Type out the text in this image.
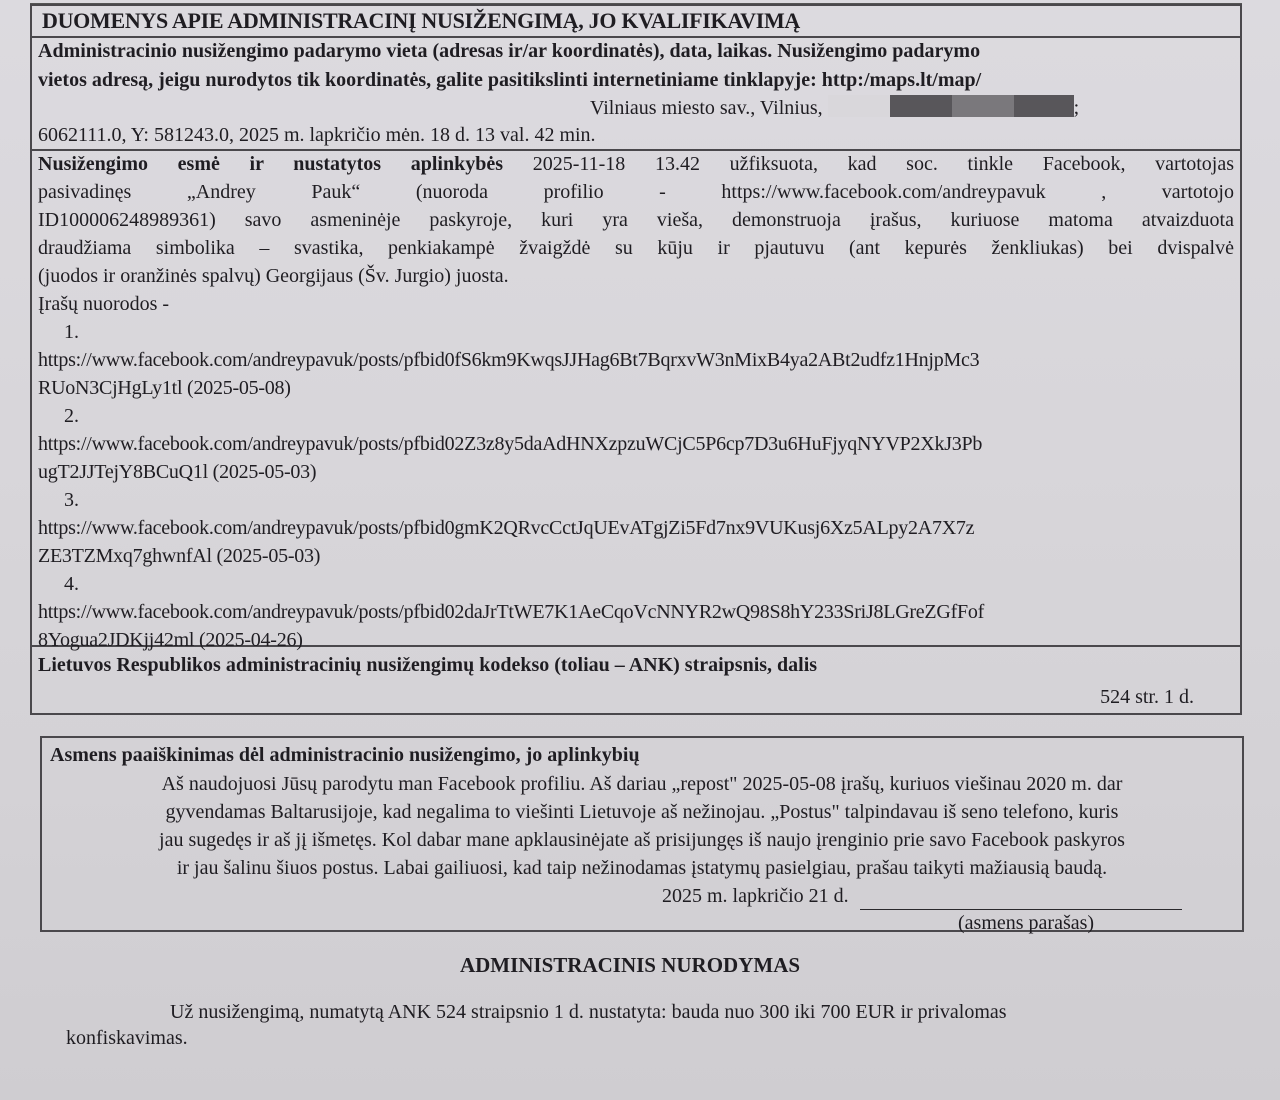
DUOMENYS APIE ADMINISTRACINĮ NUSIŽENGIMĄ, JO KVALIFIKAVIMĄ
Administracinio nusižengimo padarymo vieta (adresas ir/ar koordinatės), data, laikas. Nusižengimo padarymo
vietos adresą, jeigu nurodytos tik koordinatės, galite pasitikslinti internetiniame tinklapyje: http:/maps.lt/map/
Vilniaus miesto sav., Vilnius,	;
6062111.0, Y: 581243.0, 2025 m. lapkričio mėn. 18 d. 13 val. 42 min.
Nusižengimo esmė ir nustatytos aplinkybės 2025-11-18 13.42 užfiksuota, kad soc. tinkle Facebook, vartotojas
pasivadinęs „Andrey Pauk“ (nuoroda profilio - https://www.facebook.com/andreypavuk , vartotojo
ID100006248989361) savo asmeninėje paskyroje, kuri yra vieša, demonstruoja įrašus, kuriuose matoma atvaizduota
draudžiama simbolika – svastika, penkiakampė žvaigždė su kūju ir pjautuvu (ant kepurės ženkliukas) bei dvispalvė
(juodos ir oranžinės spalvų) Georgijaus (Šv. Jurgio) juosta.
Įrašų nuorodos -
1.
https://www.facebook.com/andreypavuk/posts/pfbid0fS6km9KwqsJJHag6Bt7BqrxvW3nMixB4ya2ABt2udfz1HnjpMc3
RUoN3CjHgLy1tl (2025-05-08)
2.
https://www.facebook.com/andreypavuk/posts/pfbid02Z3z8y5daAdHNXzpzuWCjC5P6cp7D3u6HuFjyqNYVP2XkJ3Pb
ugT2JJTejY8BCuQ1l (2025-05-03)
3.
https://www.facebook.com/andreypavuk/posts/pfbid0gmK2QRvcCctJqUEvATgjZi5Fd7nx9VUKusj6Xz5ALpy2A7X7z
ZE3TZMxq7ghwnfAl (2025-05-03)
4.
https://www.facebook.com/andreypavuk/posts/pfbid02daJrTtWE7K1AeCqoVcNNYR2wQ98S8hY233SriJ8LGreZGfFof
8Yogua2JDKjj42ml (2025-04-26)
Lietuvos Respublikos administracinių nusižengimų kodekso (toliau – ANK) straipsnis, dalis
524 str. 1 d.
Asmens paaiškinimas dėl administracinio nusižengimo, jo aplinkybių
Aš naudojuosi Jūsų parodytu man Facebook profiliu. Aš dariau „repost" 2025-05-08 įrašų, kuriuos viešinau 2020 m. dar
gyvendamas Baltarusijoje, kad negalima to viešinti Lietuvoje aš nežinojau. „Postus" talpindavau iš seno telefono, kuris
jau sugedęs ir aš jį išmetęs. Kol dabar mane apklausinėjate aš prisijungęs iš naujo įrenginio prie savo Facebook paskyros
ir jau šalinu šiuos postus. Labai gailiuosi, kad taip nežinodamas įstatymų pasielgiau, prašau taikyti mažiausią baudą.
2025 m. lapkričio 21 d.
(asmens parašas)
ADMINISTRACINIS NURODYMAS
Už nusižengimą, numatytą ANK 524 straipsnio 1 d. nustatyta: bauda nuo 300 iki 700 EUR ir privalomas
konfiskavimas.
